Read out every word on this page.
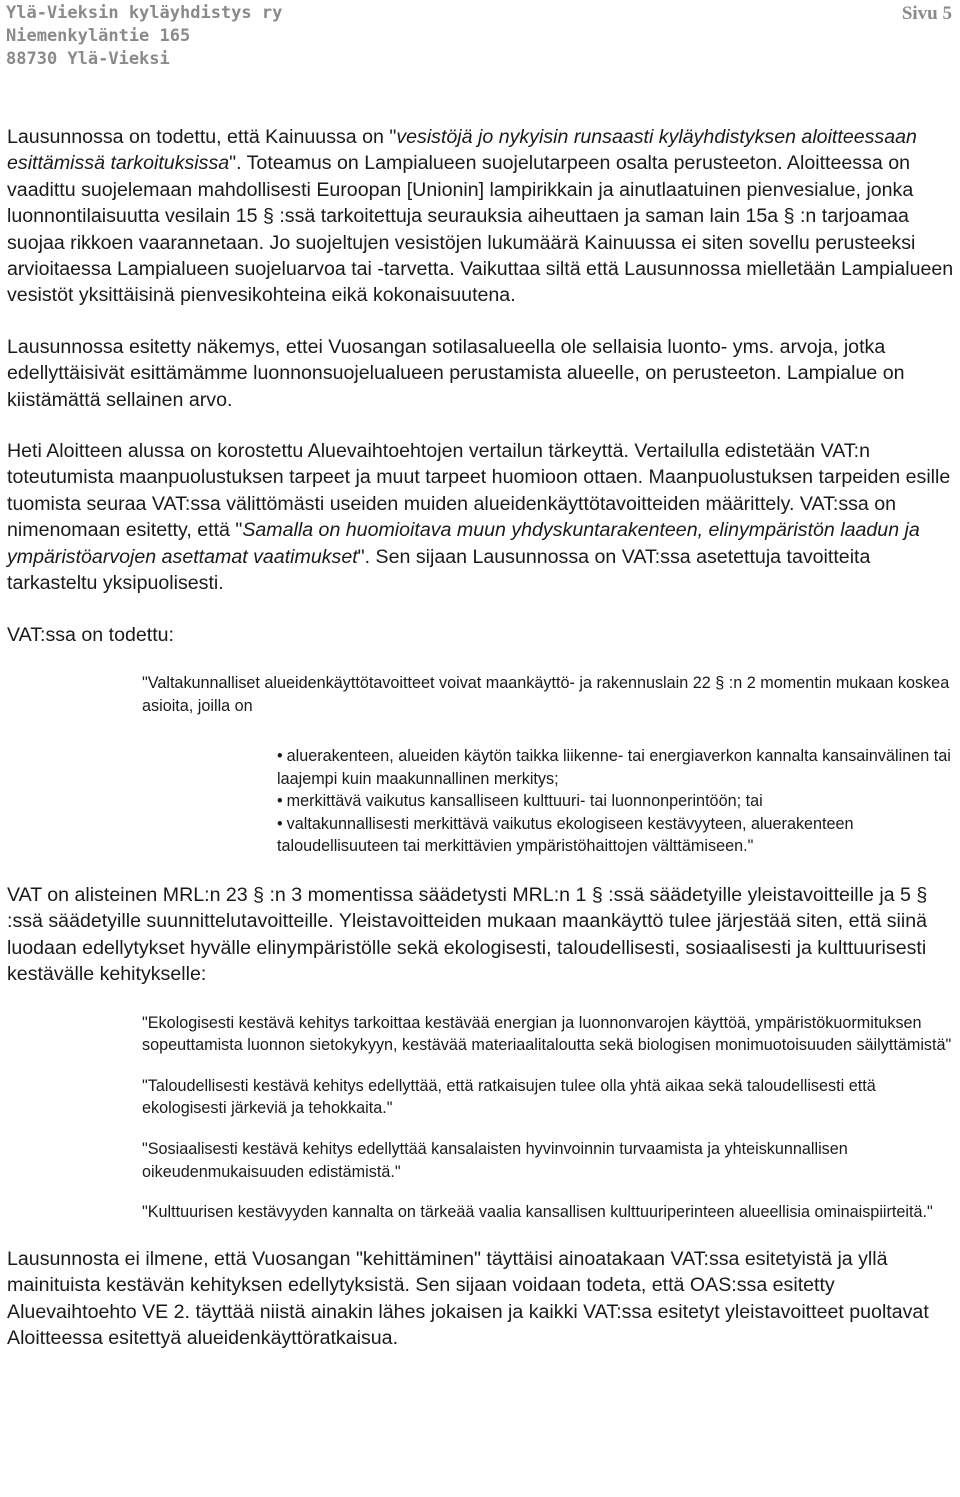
Ylä-Vieksin kyläyhdistys ry
Niemenkyläntie 165
88730 Ylä-Vieksi
Sivu 5

Lausunnossa on todettu, että Kainuussa on "vesistöjä jo nykyisin runsaasti kyläyhdistyksen aloitteessaan esittämissä tarkoituksissa". Toteamus on Lampialueen suojelutarpeen osalta perusteeton. Aloitteessa on vaadittu suojelemaan mahdollisesti Euroopan [Unionin] lampirikkain ja ainutlaatuinen pienvesialue, jonka luonnontilaisuutta vesilain 15 § :ssä tarkoitettuja seurauksia aiheuttaen ja saman lain 15a § :n tarjoamaa suojaa rikkoen vaarannetaan. Jo suojeltujen vesistöjen lukumäärä Kainuussa ei siten sovellu perusteeksi arvioitaessa Lampialueen suojeluarvoa tai -tarvetta. Vaikuttaa siltä että Lausunnossa mielletään Lampialueen vesistöt yksittäisinä pienvesikohteina eikä kokonaisuutena.

Lausunnossa esitetty näkemys, ettei Vuosangan sotilasalueella ole sellaisia luonto- yms. arvoja, jotka edellyttäisivät esittämämme luonnonsuojelualueen perustamista alueelle, on perusteeton. Lampialue on kiistämättä sellainen arvo.

Heti Aloitteen alussa on korostettu Aluevaihtoehtojen vertailun tärkeyttä. Vertailulla edistetään VAT:n toteutumista maanpuolustuksen tarpeet ja muut tarpeet huomioon ottaen. Maanpuolustuksen tarpeiden esille tuomista seuraa VAT:ssa välittömästi useiden muiden alueidenkäyttötavoitteiden määrittely. VAT:ssa on nimenomaan esitetty, että "Samalla on huomioitava muun yhdyskuntarakenteen, elinympäristön laadun ja ympäristöarvojen asettamat vaatimukset". Sen sijaan Lausunnossa on VAT:ssa asetettuja tavoitteita tarkasteltu yksipuolisesti.

VAT:ssa on todettu:

"Valtakunnalliset alueidenkäyttötavoitteet voivat maankäyttö- ja rakennuslain 22 § :n 2 momentin mukaan koskea asioita, joilla on

• aluerakenteen, alueiden käytön taikka liikenne- tai energiaverkon kannalta kansainvälinen tai laajempi kuin maakunnallinen merkitys;
• merkittävä vaikutus kansalliseen kulttuuri- tai luonnonperintöön; tai
• valtakunnallisesti merkittävä vaikutus ekologiseen kestävyyteen, aluerakenteen taloudellisuuteen tai merkittävien ympäristöhaittojen välttämiseen."

VAT on alisteinen MRL:n 23 § :n 3 momentissa säädetysti MRL:n 1 § :ssä säädetyille yleistavoitteille ja 5 § :ssä säädetyille suunnittelutavoitteille. Yleistavoitteiden mukaan maankäyttö tulee järjestää siten, että siinä luodaan edellytykset hyvälle elinympäristölle sekä ekologisesti, taloudellisesti, sosiaalisesti ja kulttuurisesti kestävälle kehitykselle:

"Ekologisesti kestävä kehitys tarkoittaa kestävää energian ja luonnonvarojen käyttöä, ympäristökuormituksen sopeuttamista luonnon sietokykyyn, kestävää materiaalitaloutta sekä biologisen monimuotoisuuden säilyttämistä"

"Taloudellisesti kestävä kehitys edellyttää, että ratkaisujen tulee olla yhtä aikaa sekä taloudellisesti että ekologisesti järkeviä ja tehokkaita."

"Sosiaalisesti kestävä kehitys edellyttää kansalaisten hyvinvoinnin turvaamista ja yhteiskunnallisen oikeudenmukaisuuden edistämistä."

"Kulttuurisen kestävyyden kannalta on tärkeää vaalia kansallisen kulttuuriperinteen alueellisia ominaispiirteitä."

Lausunnosta ei ilmene, että Vuosangan "kehittäminen" täyttäisi ainoatakaan VAT:ssa esitetyistä ja yllä mainituista kestävän kehityksen edellytyksistä. Sen sijaan voidaan todeta, että OAS:ssa esitetty Aluevaihtoehto VE 2. täyttää niistä ainakin lähes jokaisen ja kaikki VAT:ssa esitetyt yleistavoitteet puoltavat Aloitteessa esitettyä alueidenkäyttöratkaisua.
